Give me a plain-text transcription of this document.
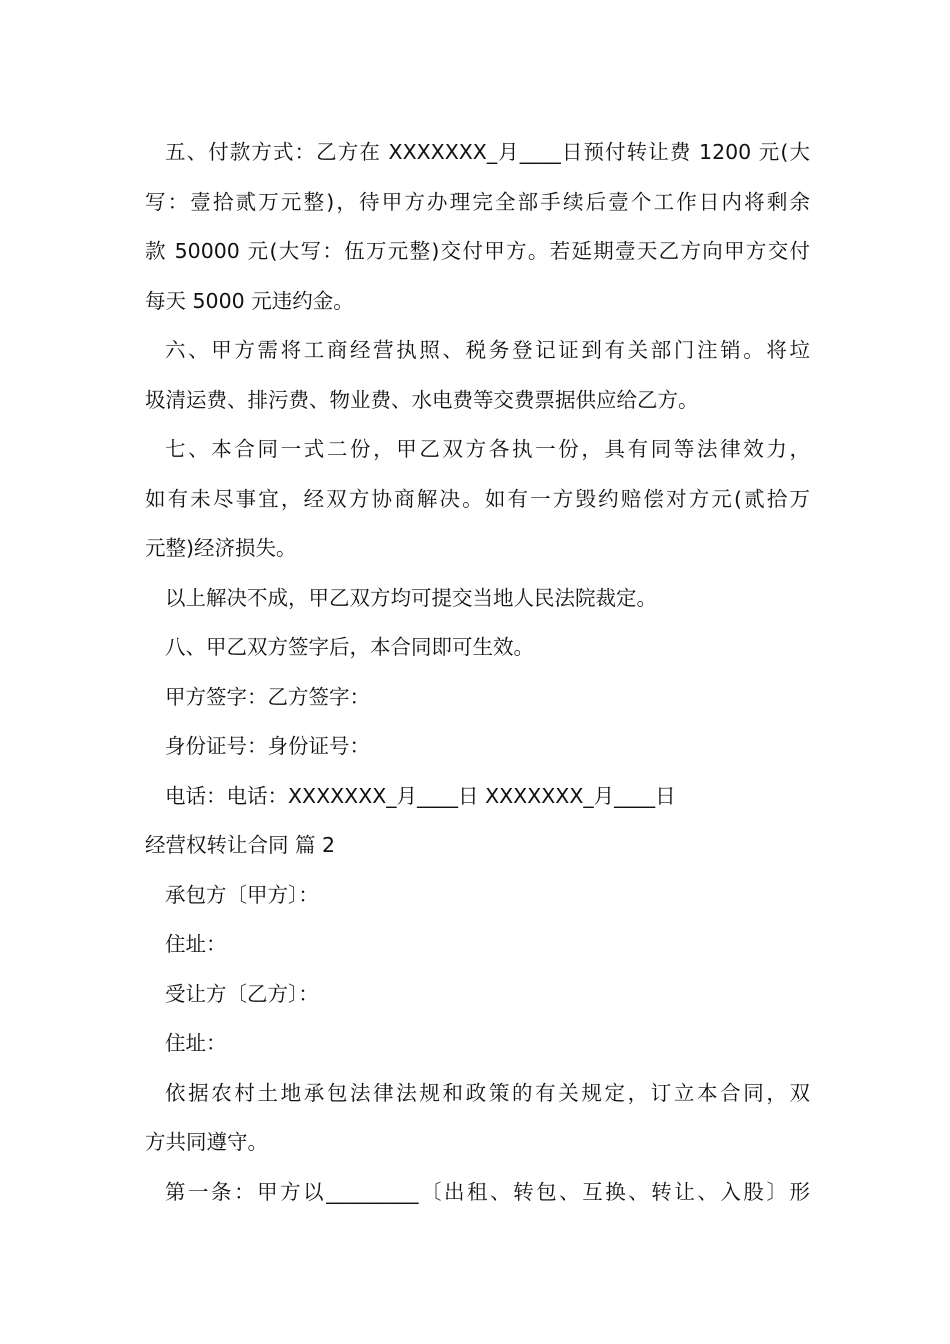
五、付款方式：乙方在 XXXXXXX_月____日预付转让费 1200 元(大
写：壹拾贰万元整)，待甲方办理完全部手续后壹个工作日内将剩余
款 50000 元(大写：伍万元整)交付甲方。若延期壹天乙方向甲方交付
每天 5000 元违约金。
六、甲方需将工商经营执照、税务登记证到有关部门注销。将垃
圾清运费、排污费、物业费、水电费等交费票据供应给乙方。
七、本合同一式二份，甲乙双方各执一份，具有同等法律效力，
如有未尽事宜，经双方协商解决。如有一方毁约赔偿对方元(贰拾万
元整)经济损失。
以上解决不成，甲乙双方均可提交当地人民法院裁定。
八、甲乙双方签字后，本合同即可生效。
甲方签字：乙方签字：
身份证号：身份证号：
电话：电话：XXXXXXX_月____日 XXXXXXX_月____日
经营权转让合同 篇 2
承包方〔甲方〕：
住址：
受让方〔乙方〕：
住址：
依据农村土地承包法律法规和政策的有关规定，订立本合同，双
方共同遵守。
第一条：甲方以_________〔出租、转包、互换、转让、入股〕形
